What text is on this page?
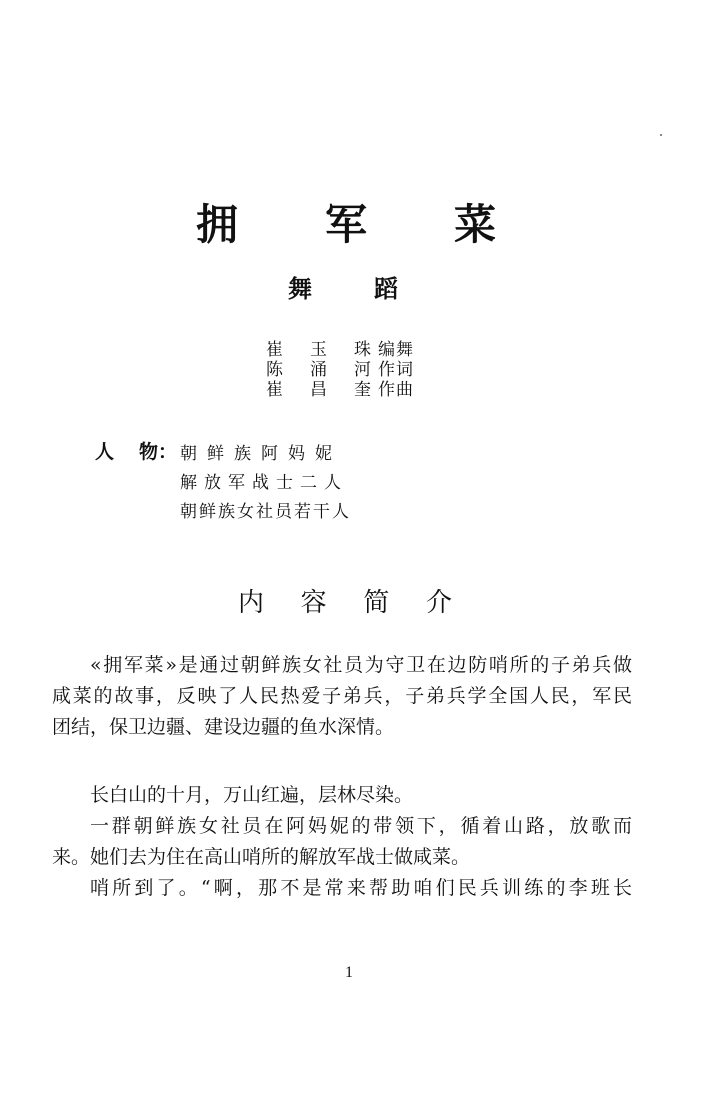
拥 军 菜
舞	蹈
崔	玉	珠 编舞
陈	涌	河 作词
崔	昌	奎 作曲
人	物： 朝鲜族阿妈妮
解放军战士二人
朝鲜族女社员若干人
内 容 简 介
«拥军菜»是通过朝鲜族女社员为守卫在边防哨所的子弟兵做
咸菜的故事，反映了人民热爱子弟兵，子弟兵学全国人民，军民
团结，保卫边疆、建设边疆的鱼水深情。
长白山的十月，万山红遍，层林尽染。
一群朝鲜族女社员在阿妈妮的带领下，循着山路，放歌而
来。她们去为住在高山哨所的解放军战士做咸菜。
哨所到了。“啊，那不是常来帮助咱们民兵训练的李班长
1
